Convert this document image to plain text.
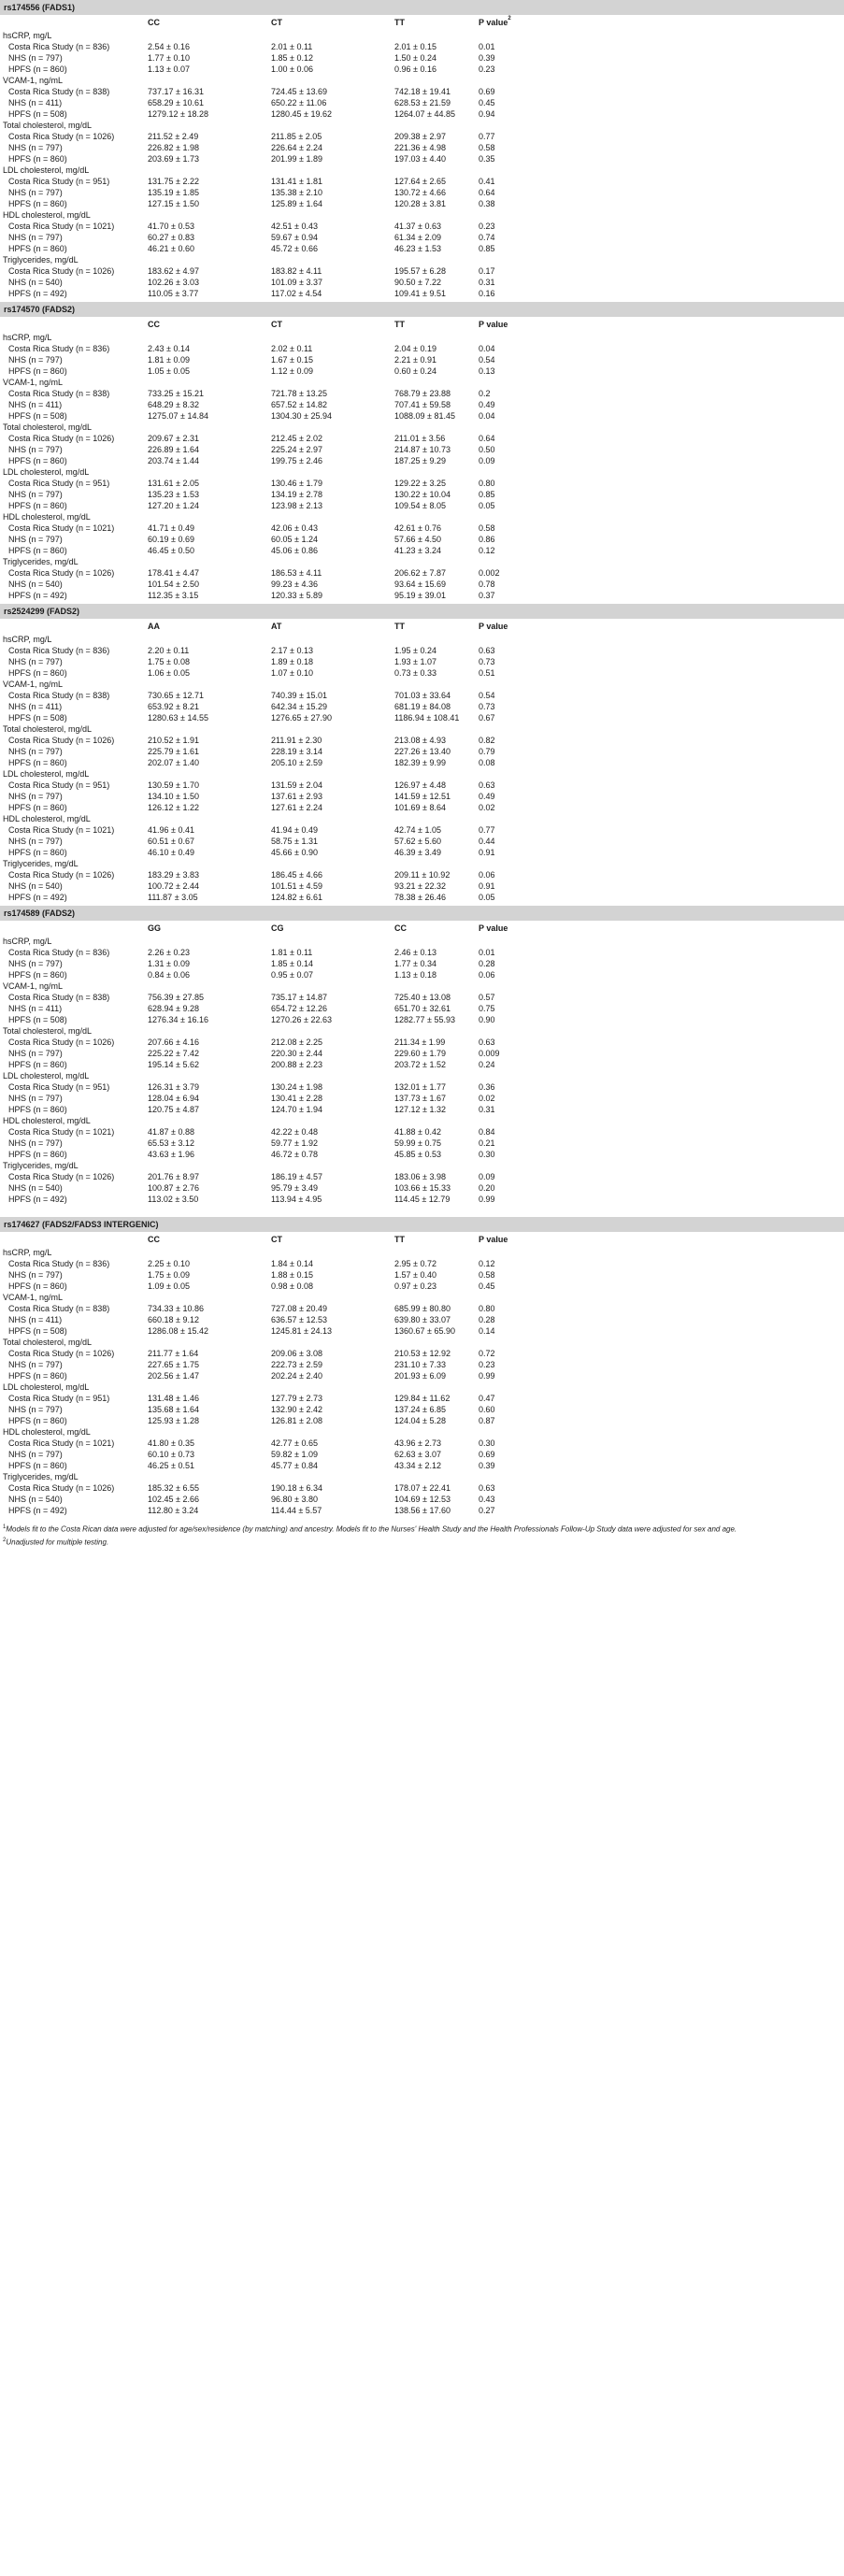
rs174556 (FADS1)
CC	CT	TT	P value$^2$
hsCRP, mg/L
Costa Rica Study (n = 836)	2.54 ± 0.16	2.01 ± 0.11	2.01 ± 0.15	0.01
NHS (n = 797)	1.77 ± 0.10	1.85 ± 0.12	1.50 ± 0.24	0.39
HPFS (n = 860)	1.13 ± 0.07	1.00 ± 0.06	0.96 ± 0.16	0.23
VCAM-1, ng/mL
Costa Rica Study (n = 838)	737.17 ± 16.31	724.45 ± 13.69	742.18 ± 19.41	0.69
NHS (n = 411)	658.29 ± 10.61	650.22 ± 11.06	628.53 ± 21.59	0.45
HPFS (n = 508)	1279.12 ± 18.28	1280.45 ± 19.62	1264.07 ± 44.85	0.94
Total cholesterol, mg/dL
Costa Rica Study (n = 1026)	211.52 ± 2.49	211.85 ± 2.05	209.38 ± 2.97	0.77
NHS (n = 797)	226.82 ± 1.98	226.64 ± 2.24	221.36 ± 4.98	0.58
HPFS (n = 860)	203.69 ± 1.73	201.99 ± 1.89	197.03 ± 4.40	0.35
LDL cholesterol, mg/dL
Costa Rica Study (n = 951)	131.75 ± 2.22	131.41 ± 1.81	127.64 ± 2.65	0.41
NHS (n = 797)	135.19 ± 1.85	135.38 ± 2.10	130.72 ± 4.66	0.64
HPFS (n = 860)	127.15 ± 1.50	125.89 ± 1.64	120.28 ± 3.81	0.38
HDL cholesterol, mg/dL
Costa Rica Study (n = 1021)	41.70 ± 0.53	42.51 ± 0.43	41.37 ± 0.63	0.23
NHS (n = 797)	60.27 ± 0.83	59.67 ± 0.94	61.34 ± 2.09	0.74
HPFS (n = 860)	46.21 ± 0.60	45.72 ± 0.66	46.23 ± 1.53	0.85
Triglycerides, mg/dL
Costa Rica Study (n = 1026)	183.62 ± 4.97	183.82 ± 4.11	195.57 ± 6.28	0.17
NHS (n = 540)	102.26 ± 3.03	101.09 ± 3.37	90.50 ± 7.22	0.31
HPFS (n = 492)	110.05 ± 3.77	117.02 ± 4.54	109.41 ± 9.51	0.16
rs174570 (FADS2)
CC	CT	TT	P value
hsCRP, mg/L
Costa Rica Study (n = 836)	2.43 ± 0.14	2.02 ± 0.11	2.04 ± 0.19	0.04
NHS (n = 797)	1.81 ± 0.09	1.67 ± 0.15	2.21 ± 0.91	0.54
HPFS (n = 860)	1.05 ± 0.05	1.12 ± 0.09	0.60 ± 0.24	0.13
VCAM-1, ng/mL
Costa Rica Study (n = 838)	733.25 ± 15.21	721.78 ± 13.25	768.79 ± 23.88	0.2
NHS (n = 411)	648.29 ± 8.32	657.52 ± 14.82	707.41 ± 59.58	0.49
HPFS (n = 508)	1275.07 ± 14.84	1304.30 ± 25.94	1088.09 ± 81.45	0.04
Total cholesterol, mg/dL
Costa Rica Study (n = 1026)	209.67 ± 2.31	212.45 ± 2.02	211.01 ± 3.56	0.64
NHS (n = 797)	226.89 ± 1.64	225.24 ± 2.97	214.87 ± 10.73	0.50
HPFS (n = 860)	203.74 ± 1.44	199.75 ± 2.46	187.25 ± 9.29	0.09
LDL cholesterol, mg/dL
Costa Rica Study (n = 951)	131.61 ± 2.05	130.46 ± 1.79	129.22 ± 3.25	0.80
NHS (n = 797)	135.23 ± 1.53	134.19 ± 2.78	130.22 ± 10.04	0.85
HPFS (n = 860)	127.20 ± 1.24	123.98 ± 2.13	109.54 ± 8.05	0.05
HDL cholesterol, mg/dL
Costa Rica Study (n = 1021)	41.71 ± 0.49	42.06 ± 0.43	42.61 ± 0.76	0.58
NHS (n = 797)	60.19 ± 0.69	60.05 ± 1.24	57.66 ± 4.50	0.86
HPFS (n = 860)	46.45 ± 0.50	45.06 ± 0.86	41.23 ± 3.24	0.12
Triglycerides, mg/dL
Costa Rica Study (n = 1026)	178.41 ± 4.47	186.53 ± 4.11	206.62 ± 7.87	0.002
NHS (n = 540)	101.54 ± 2.50	99.23 ± 4.36	93.64 ± 15.69	0.78
HPFS (n = 492)	112.35 ± 3.15	120.33 ± 5.89	95.19 ± 39.01	0.37
rs2524299 (FADS2)
AA	AT	TT	P value
hsCRP, mg/L
Costa Rica Study (n = 836)	2.20 ± 0.11	2.17 ± 0.13	1.95 ± 0.24	0.63
NHS (n = 797)	1.75 ± 0.08	1.89 ± 0.18	1.93 ± 1.07	0.73
HPFS (n = 860)	1.06 ± 0.05	1.07 ± 0.10	0.73 ± 0.33	0.51
VCAM-1, ng/mL
Costa Rica Study (n = 838)	730.65 ± 12.71	740.39 ± 15.01	701.03 ± 33.64	0.54
NHS (n = 411)	653.92 ± 8.21	642.34 ± 15.29	681.19 ± 84.08	0.73
HPFS (n = 508)	1280.63 ± 14.55	1276.65 ± 27.90	1186.94 ± 108.41 0.67
Total cholesterol, mg/dL
Costa Rica Study (n = 1026)	210.52 ± 1.91	211.91 ± 2.30	213.08 ± 4.93	0.82
NHS (n = 797)	225.79 ± 1.61	228.19 ± 3.14	227.26 ± 13.40	0.79
HPFS (n = 860)	202.07 ± 1.40	205.10 ± 2.59	182.39 ± 9.99	0.08
LDL cholesterol, mg/dL
Costa Rica Study (n = 951)	130.59 ± 1.70	131.59 ± 2.04	126.97 ± 4.48	0.63
NHS (n = 797)	134.10 ± 1.50	137.61 ± 2.93	141.59 ± 12.51	0.49
HPFS (n = 860)	126.12 ± 1.22	127.61 ± 2.24	101.69 ± 8.64	0.02
HDL cholesterol, mg/dL
Costa Rica Study (n = 1021)	41.96 ± 0.41	41.94 ± 0.49	42.74 ± 1.05	0.77
NHS (n = 797)	60.51 ± 0.67	58.75 ± 1.31	57.62 ± 5.60	0.44
HPFS (n = 860)	46.10 ± 0.49	45.66 ± 0.90	46.39 ± 3.49	0.91
Triglycerides, mg/dL
Costa Rica Study (n = 1026)	183.29 ± 3.83	186.45 ± 4.66	209.11 ± 10.92	0.06
NHS (n = 540)	100.72 ± 2.44	101.51 ± 4.59	93.21 ± 22.32	0.91
HPFS (n = 492)	111.87 ± 3.05	124.82 ± 6.61	78.38 ± 26.46	0.05
rs174589 (FADS2)
GG	CG	CC	P value
hsCRP, mg/L
Costa Rica Study (n = 836)	2.26 ± 0.23	1.81 ± 0.11	2.46 ± 0.13	0.01
NHS (n = 797)	1.31 ± 0.09	1.85 ± 0.14	1.77 ± 0.34	0.28
HPFS (n = 860)	0.84 ± 0.06	0.95 ± 0.07	1.13 ± 0.18	0.06
VCAM-1, ng/mL
Costa Rica Study (n = 838)	756.39 ± 27.85	735.17 ± 14.87	725.40 ± 13.08	0.57
NHS (n = 411)	628.94 ± 9.28	654.72 ± 12.26	651.70 ± 32.61	0.75
HPFS (n = 508)	1276.34 ± 16.16	1270.26 ± 22.63	1282.77 ± 55.93	0.90
Total cholesterol, mg/dL
Costa Rica Study (n = 1026)	207.66 ± 4.16	212.08 ± 2.25	211.34 ± 1.99	0.63
NHS (n = 797)	225.22 ± 7.42	220.30 ± 2.44	229.60 ± 1.79	0.009
HPFS (n = 860)	195.14 ± 5.62	200.88 ± 2.23	203.72 ± 1.52	0.24
LDL cholesterol, mg/dL
Costa Rica Study (n = 951)	126.31 ± 3.79	130.24 ± 1.98	132.01 ± 1.77	0.36
NHS (n = 797)	128.04 ± 6.94	130.41 ± 2.28	137.73 ± 1.67	0.02
HPFS (n = 860)	120.75 ± 4.87	124.70 ± 1.94	127.12 ± 1.32	0.31
HDL cholesterol, mg/dL
Costa Rica Study (n = 1021)	41.87 ± 0.88	42.22 ± 0.48	41.88 ± 0.42	0.84
NHS (n = 797)	65.53 ± 3.12	59.77 ± 1.92	59.99 ± 0.75	0.21
HPFS (n = 860)	43.63 ± 1.96	46.72 ± 0.78	45.85 ± 0.53	0.30
Triglycerides, mg/dL
Costa Rica Study (n = 1026)	201.76 ± 8.97	186.19 ± 4.57	183.06 ± 3.98	0.09
NHS (n = 540)	100.87 ± 2.76	95.79 ± 3.49	103.66 ± 15.33	0.20
HPFS (n = 492)	113.02 ± 3.50	113.94 ± 4.95	114.45 ± 12.79	0.99
rs174627 (FADS2/FADS3 INTERGENIC)
CC	CT	TT	P value
hsCRP, mg/L
Costa Rica Study (n = 836)	2.25 ± 0.10	1.84 ± 0.14	2.95 ± 0.72	0.12
NHS (n = 797)	1.75 ± 0.09	1.88 ± 0.15	1.57 ± 0.40	0.58
HPFS (n = 860)	1.09 ± 0.05	0.98 ± 0.08	0.97 ± 0.23	0.45
VCAM-1, ng/mL
Costa Rica Study (n = 838)	734.33 ± 10.86	727.08 ± 20.49	685.99 ± 80.80	0.80
NHS (n = 411)	660.18 ± 9.12	636.57 ± 12.53	639.80 ± 33.07	0.28
HPFS (n = 508)	1286.08 ± 15.42	1245.81 ± 24.13	1360.67 ± 65.90	0.14
Total cholesterol, mg/dL
Costa Rica Study (n = 1026)	211.77 ± 1.64	209.06 ± 3.08	210.53 ± 12.92	0.72
NHS (n = 797)	227.65 ± 1.75	222.73 ± 2.59	231.10 ± 7.33	0.23
HPFS (n = 860)	202.56 ± 1.47	202.24 ± 2.40	201.93 ± 6.09	0.99
LDL cholesterol, mg/dL
Costa Rica Study (n = 951)	131.48 ± 1.46	127.79 ± 2.73	129.84 ± 11.62	0.47
NHS (n = 797)	135.68 ± 1.64	132.90 ± 2.42	137.24 ± 6.85	0.60
HPFS (n = 860)	125.93 ± 1.28	126.81 ± 2.08	124.04 ± 5.28	0.87
HDL cholesterol, mg/dL
Costa Rica Study (n = 1021)	41.80 ± 0.35	42.77 ± 0.65	43.96 ± 2.73	0.30
NHS (n = 797)	60.10 ± 0.73	59.82 ± 1.09	62.63 ± 3.07	0.69
HPFS (n = 860)	46.25 ± 0.51	45.77 ± 0.84	43.34 ± 2.12	0.39
Triglycerides, mg/dL
Costa Rica Study (n = 1026)	185.32 ± 6.55	190.18 ± 6.34	178.07 ± 22.41	0.63
NHS (n = 540)	102.45 ± 2.66	96.80 ± 3.80	104.69 ± 12.53	0.43
HPFS (n = 492)	112.80 ± 3.24	114.44 ± 5.57	138.56 ± 17.60	0.27
$^1$Models fit to the Costa Rican data were adjusted for age/sex/residence (by matching) and ancestry. Models fit to the Nurses' Health Study and the Health Professionals Follow-Up Study data were adjusted for sex and age.
$^2$Unadjusted for multiple testing.
